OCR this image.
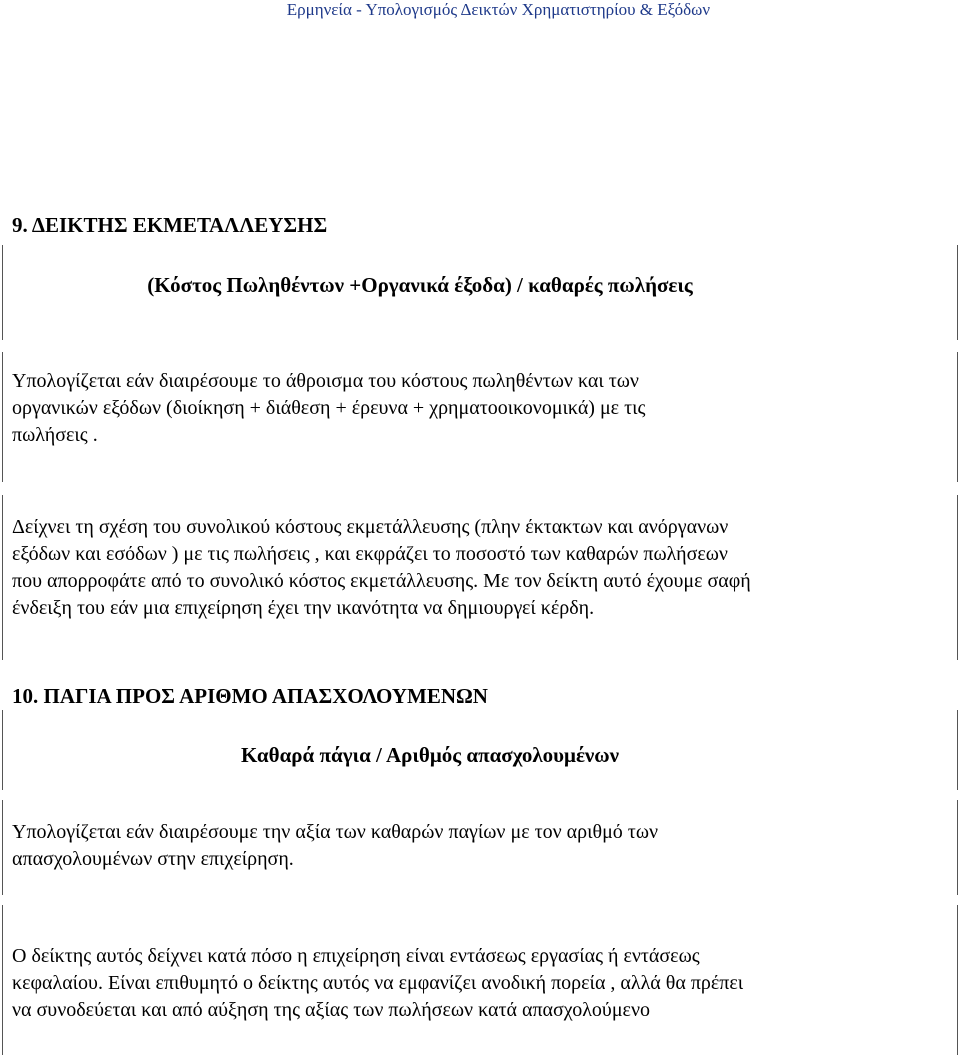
Ερμηνεία - Υπολογισμός Δεικτών Χρηματιστηρίου & Εξόδων
9. ΔΕΙΚΤΗΣ ΕΚΜΕΤΑΛΛΕΥΣΗΣ
(Κόστος Πωληθέντων +Οργανικά έξοδα) / καθαρές πωλήσεις
Υπολογίζεται εάν διαιρέσουμε το άθροισμα του κόστους πωληθέντων και των
οργανικών εξόδων (διοίκηση + διάθεση + έρευνα + χρηματοοικονομικά) με τις
πωλήσεις .
Δείχνει τη σχέση του συνολικού κόστους εκμετάλλευσης (πλην έκτακτων και ανόργανων
εξόδων και εσόδων ) με τις πωλήσεις , και εκφράζει το ποσοστό των καθαρών πωλήσεων
που απορροφάτε από το συνολικό κόστος εκμετάλλευσης. Με τον δείκτη αυτό έχουμε σαφή
ένδειξη του εάν μια επιχείρηση έχει την ικανότητα να δημιουργεί κέρδη.
10. ΠΑΓΙΑ ΠΡΟΣ ΑΡΙΘΜΟ ΑΠΑΣΧΟΛΟΥΜΕΝΩΝ
Καθαρά πάγια / Αριθμός απασχολουμένων
Υπολογίζεται εάν διαιρέσουμε την αξία των καθαρών παγίων με τον αριθμό των
απασχολουμένων στην επιχείρηση.
Ο δείκτης αυτός δείχνει κατά πόσο η επιχείρηση είναι εντάσεως εργασίας ή εντάσεως
κεφαλαίου. Είναι επιθυμητό ο δείκτης αυτός να εμφανίζει ανοδική πορεία , αλλά θα πρέπει
να συνοδεύεται και από αύξηση της αξίας των πωλήσεων κατά απασχολούμενο
